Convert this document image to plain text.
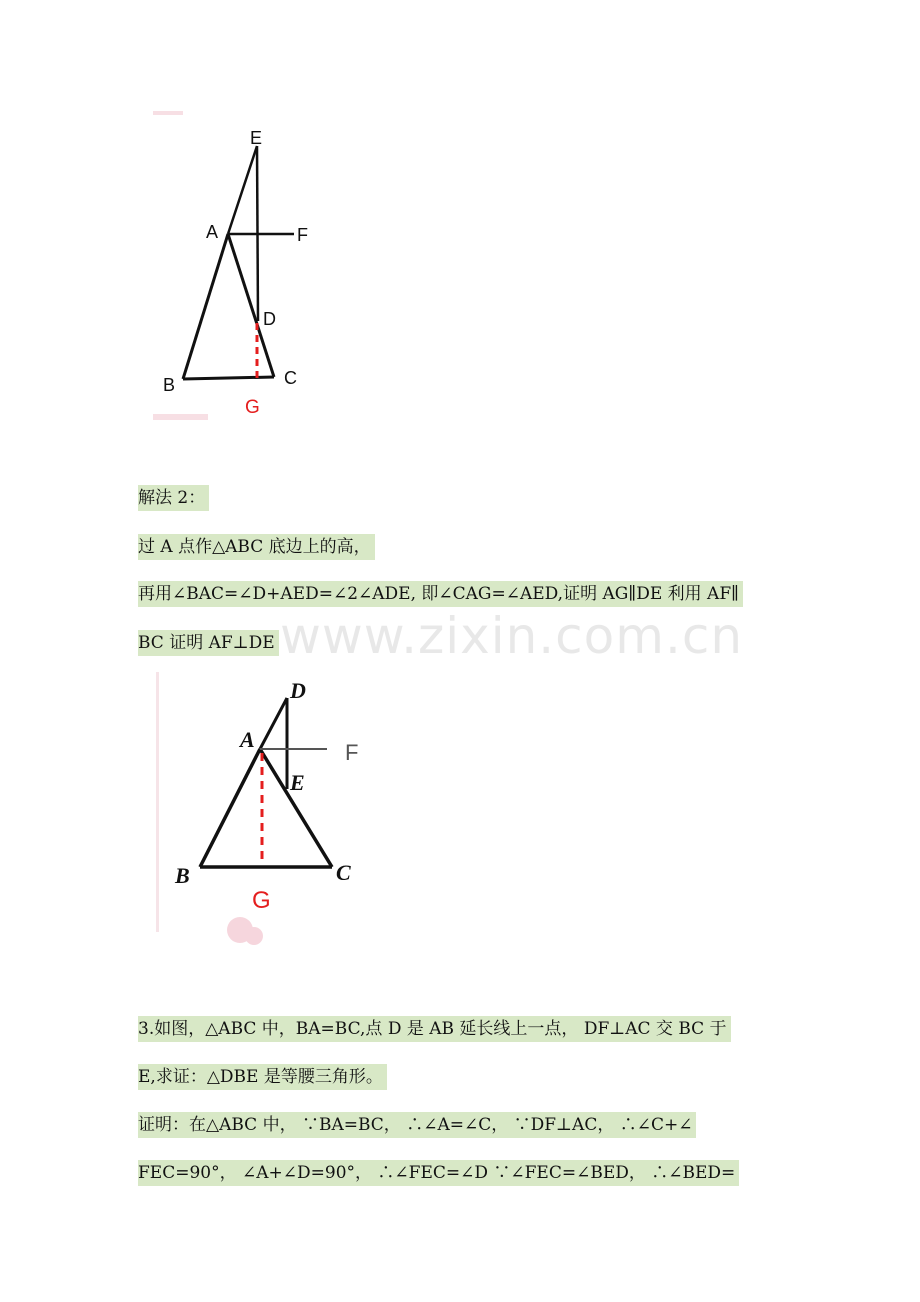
E
A	F
D
B	C
G
解法 2：
过 A 点作△ABC 底边上的高，
再用∠BAC=∠D+AED=∠2∠ADE, 即∠CAG=∠AED,证明 AG∥DE 利用 AF∥
BC 证明 AF⊥DE www.zixin.com.cn
D
A
F
E
B	C
G
3.如图，△ABC 中，BA=BC,点 D 是 AB 延长线上一点， DF⊥AC 交 BC 于
E,求证：△DBE 是等腰三角形。
证明：在△ABC 中， ∵BA=BC， ∴∠A=∠C， ∵DF⊥AC， ∴∠C+∠
FEC=90°， ∠A+∠D=90°， ∴∠FEC=∠D ∵∠FEC=∠BED， ∴∠BED=
